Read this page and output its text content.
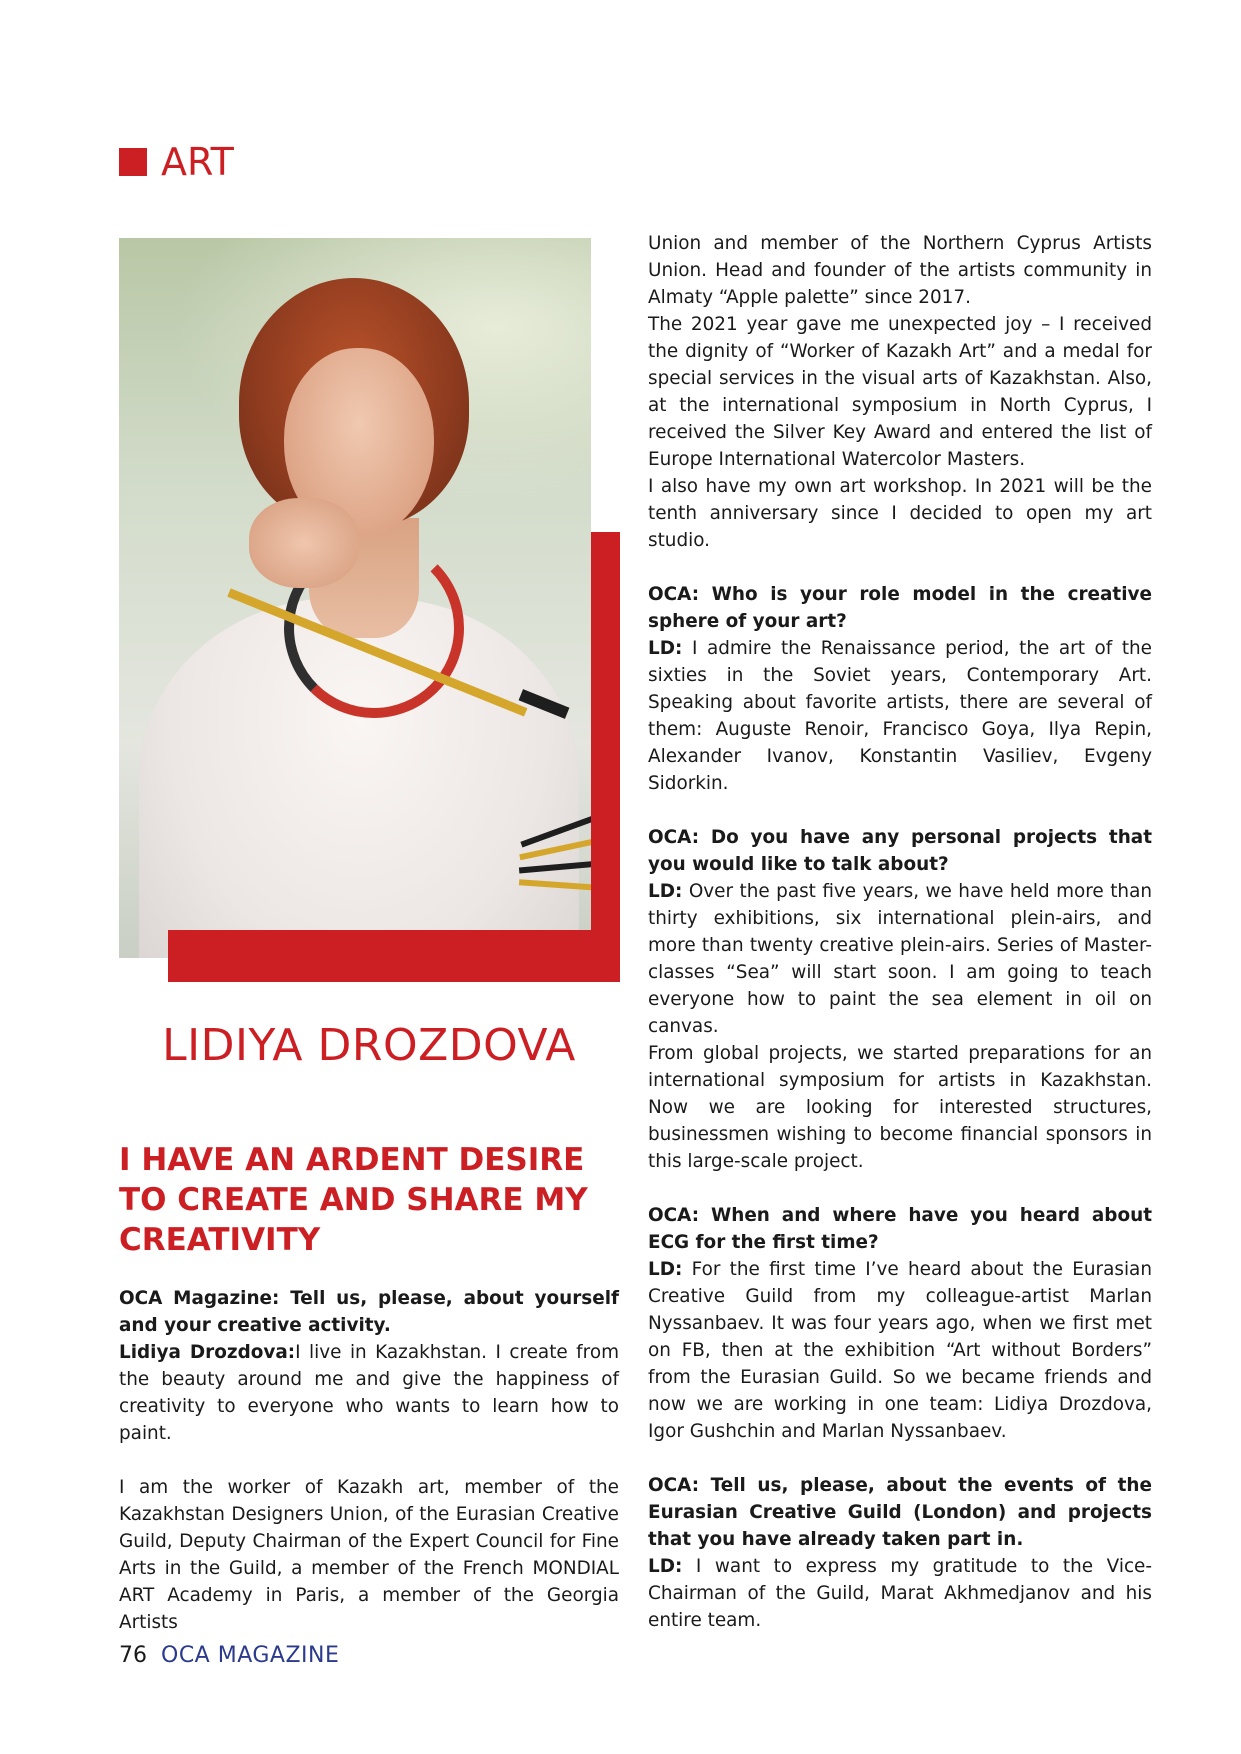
ART
LIDIYA DROZDOVA
I HAVE AN ARDENT DESIRE TO CREATE AND SHARE MY CREATIVITY

OCA Magazine: Tell us, please, about yourself and your creative activity.

Lidiya Drozdova:I live in Kazakhstan. I create from the beauty around me and give the happiness of creativity to everyone who wants to learn how to paint.

I am the worker of Kazakh art, member of the Kazakhstan Designers Union, of the Eurasian Creative Guild, Deputy Chairman of the Expert Council for Fine Arts in the Guild, a member of the French MONDIAL ART Academy in Paris, a member of the Georgia Artists

Union and member of the Northern Cyprus Artists Union. Head and founder of the artists community in Almaty “Apple palette” since 2017.

The 2021 year gave me unexpected joy – I received the dignity of “Worker of Kazakh Art” and a medal for special services in the visual arts of Kazakhstan. Also, at the international symposium in North Cyprus, I received the Silver Key Award and entered the list of Europe International Watercolor Masters.

I also have my own art workshop. In 2021 will be the tenth anniversary since I decided to open my art studio.

OCA: Who is your role model in the creative sphere of your art?

LD: I admire the Renaissance period, the art of the sixties in the Soviet years, Contemporary Art. Speaking about favorite artists, there are several of them: Auguste Renoir, Francisco Goya, Ilya Repin, Alexander Ivanov, Konstantin Vasiliev, Evgeny Sidorkin.

OCA: Do you have any personal projects that you would like to talk about?

LD: Over the past five years, we have held more than thirty exhibitions, six international plein-airs, and more than twenty creative plein-airs. Series of Master-classes “Sea” will start soon. I am going to teach everyone how to paint the sea element in oil on canvas.

From global projects, we started preparations for an international symposium for artists in Kazakhstan. Now we are looking for interested structures, businessmen wishing to become financial sponsors in this large-scale project.

OCA: When and where have you heard about ECG for the first time?

LD: For the first time I’ve heard about the Eurasian Creative Guild from my colleague-artist Marlan Nyssanbaev. It was four years ago, when we first met on FB, then at the exhibition “Art without Borders” from the Eurasian Guild. So we became friends and now we are working in one team: Lidiya Drozdova, Igor Gushchin and Marlan Nyssanbaev.

OCA: Tell us, please, about the events of the Eurasian Creative Guild (London) and projects that you have already taken part in.

LD: I want to express my gratitude to the Vice-Chairman of the Guild, Marat Akhmedjanov and his entire team.

76 OCA MAGAZINE
